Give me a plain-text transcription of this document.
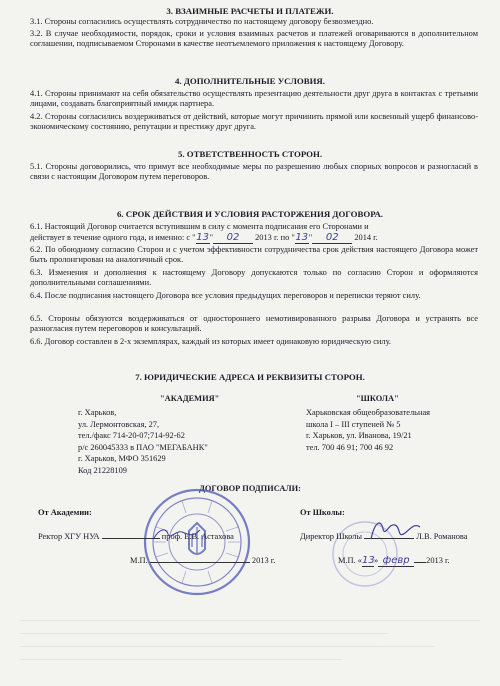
3. ВЗАИМНЫЕ РАСЧЕТЫ И ПЛАТЕЖИ.

3.1. Стороны согласились осуществлять сотрудничество по настоящему договору безвозмездно.

3.2. В случае необходимости, порядок, сроки и условия взаимных расчетов и платежей оговариваются в дополнительном соглашении, подписываемом Сторонами в качестве неотъемлемого приложения к настоящему Договору.

4. ДОПОЛНИТЕЛЬНЫЕ УСЛОВИЯ.

4.1. Стороны принимают на себя обязательство осуществлять презентацию деятельности друг друга в контактах с третьими лицами, создавать благоприятный имидж партнера.

4.2. Стороны согласились воздерживаться от действий, которые могут причинить прямой или косвенный ущерб финансово-экономическому состоянию, репутации и престижу друг друга.

5. ОТВЕТСТВЕННОСТЬ СТОРОН.

5.1. Стороны договорились, что примут все необходимые меры по разрешению любых спорных вопросов и разногласий в связи с настоящим Договором путем переговоров.

6. СРОК ДЕЙСТВИЯ И УСЛОВИЯ РАСТОРЖЕНИЯ ДОГОВОРА.

6.1. Настоящий Договор считается вступившим в силу с момента подписания его Сторонами и

действует в течение одного года, и именно: с "13" 02 2013 г. по "13" 02 2014 г.

6.2. По обоюдному согласию Сторон и с учетом эффективности сотрудничества срок действия настоящего Договора может быть пролонгирован на аналогичный срок.

6.3. Изменения и дополнения к настоящему Договору допускаются только по согласию Сторон и оформляются дополнительными соглашениями.

6.4. После подписания настоящего Договора все условия предыдущих переговоров и переписки теряют силу.

6.5. Стороны обязуются воздерживаться от одностороннего немотивированного разрыва Договора и устранять все разногласия путем переговоров и консультаций.

6.6. Договор составлен в 2-х экземплярах, каждый из которых имеет одинаковую юридическую силу.

7. ЮРИДИЧЕСКИЕ АДРЕСА И РЕКВИЗИТЫ СТОРОН.
"АКАДЕМИЯ"	"ШКОЛА"
г. Харьков,
ул. Лермонтовская, 27,
тел./факс 714-20-07;714-92-62
р/с 260045333 в ПАО "МЕГАБАНК"
г. Харьков, МФО 351629
Код 21228109
Харьковская общеобразовательная
школа I – III ступеней № 5
г. Харьков, ул. Иванова, 19/21
тел. 700 46 91; 700 46 92
ДОГОВОР ПОДПИСАЛИ:
От Академии:	От Школы:
Ректор ХГУ НУА	проф. Е.В. Астахова	Директор Школы	Л.В. Романова
М.П.	2013 г.	М.П. «13» февр 2013 г.
